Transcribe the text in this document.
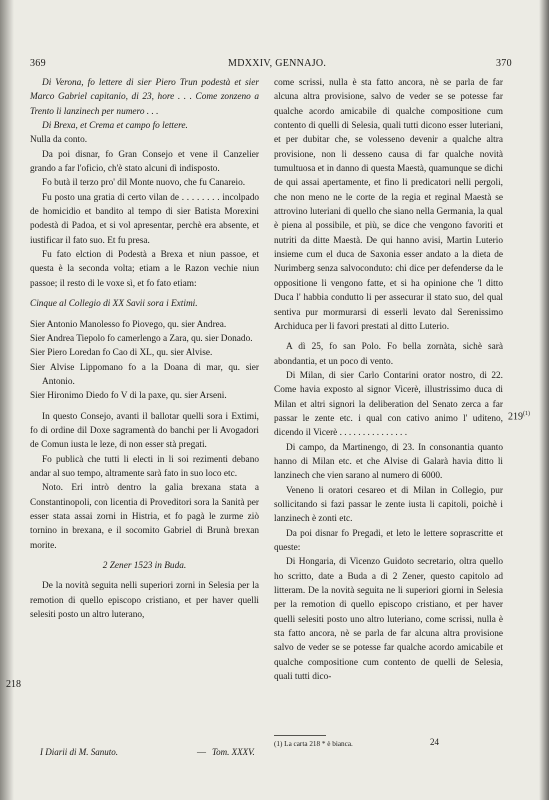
369	MDXXIV, GENNAJO.	370

Di Verona, fo lettere di sier Piero Trun podestà et sier Marco Gabriel capitanio, di 23, hore . . . Come zonzeno a Trento li lanzinech per numero . . .

Di Brexa, et Crema et campo fo lettere.

Nulla da conto.

Da poi disnar, fo Gran Consejo et vene il Canzelier grando a far l'oficio, ch'è stato alcuni dì indisposto.

Fo butà il terzo pro' dil Monte nuovo, che fu Canareio.

Fu posto una gratia di certo vilan de . . . . . . . . incolpado de homicidio et bandito al tempo di sier Batista Morexini podestà di Padoa, et si vol apresentar, perchè era absente, et iustificar il fato suo. Et fu presa.

Fu fato elction di Podestà a Brexa et niun passoe, et questa è la seconda volta; etiam a le Razon vechie niun passoe; il resto di le voxe sì, et fo fato etiam:

Cinque al Collegio di XX Savii sora i Extimi.

Sier Antonio Manolesso fo Piovego, qu. sier Andrea.

Sier Andrea Tiepolo fo camerlengo a Zara, qu. sier Donado.

Sier Piero Loredan fo Cao di XL, qu. sier Alvise.

Sier Alvise Lippomano fo a la Doana di mar, qu. sier Antonio.

Sier Hironimo Diedo fo V di la paxe, qu. sier Arseni.

In questo Consejo, avanti il ballotar quelli sora i Extimi, fo di ordine dil Doxe sagramentà do banchi per li Avogadori de Comun iusta le leze, di non esser stà pregati.

Fo publicà che tutti li electi in li soi rezimenti debano andar al suo tempo, altramente sarà fato in suo loco etc.

Noto. Eri intrò dentro la galia brexana stata a Constantinopoli, con licentia di Proveditori sora la Sanità per esser stata assai zorni in Histria, et fo pagà le zurme ziò tornino in brexana, e il socomito Gabriel di Brunà brexan morite.

2 Zener 1523 in Buda.

De la novità seguita nelli superiori zorni in Selesia per la remotion di quello episcopo cristiano, et per haver quelli selesiti posto un altro luterano,

come scrissi, nulla è sta fatto ancora, nè se parla de far alcuna altra provisione, salvo de veder se se potesse far qualche acordo amicabile di qualche compositione cum contento di quelli di Selesia, quali tutti dicono esser luteriani, et per dubitar che, se volesseno devenir a qualche altra provisione, non li desseno causa di far qualche novità tumultuosa et in danno di questa Maestà, quamunque se dichi de qui assai apertamente, et fino li predicatori nelli pergoli, che non meno ne le corte de la regia et reginal Maestà se attrovino luteriani di quello che siano nella Germania, la qual è piena al possibile, et più, se dice che vengono favoriti et nutriti da ditte Maestà. De qui hanno avisi, Martin Luterio insieme cum el duca de Saxonia esser andato a la dieta de Nurimberg senza salvoconduto: chi dice per defenderse da le oppositione li vengono fatte, et si ha opinione che 'l ditto Duca l' habbia condutto li per assecurar il stato suo, del qual sentiva pur mormurarsi di esserli levato dal Serenissimo Archiduca per li favori prestati al ditto Luterio.

A dì 25, fo san Polo. Fo bella zornàta, sichè sarà abondantia, et un poco di vento.

Di Milan, di sier Carlo Contarini orator nostro, di 22. Come havia exposto al signor Vicerè, illustrissimo duca di Milan et altri signori la deliberation del Senato zerca a far passar le zente etc. i qual con cativo animo l' uditeno, dicendo il Vicerè . . . . . . . . . . . . . . .

Di campo, da Martinengo, di 23. In consonantia quanto hanno di Milan etc. et che Alvise di Galarà havia ditto li lanzinech che vien sarano al numero di 6000.

Veneno li oratori cesareo et di Milan in Collegio, pur sollicitando si fazi passar le zente iusta li capitoli, poichè i lanzinech è zonti etc.

Da poi disnar fo Pregadi, et leto le lettere soprascritte et queste:

Di Hongaria, di Vicenzo Guidoto secretario, oltra quello ho scritto, date a Buda a dì 2 Zener, questo capitolo ad litteram. De la novità seguita ne li superiori giorni in Selesia per la remotion di quello episcopo cristiano, et per haver quelli selesiti posto uno altro luteriano, come scrissi, nulla è sta fatto ancora, nè se parla de far alcuna altra provisione salvo de veder se se potesse far qualche acordo amicabile et qualche compositione cum contento de quelli de Selesia, quali tutti dico-

218
219$^{(1)}$
I Diarii di M. Sanuto.	— Tom. XXXV.
(1) La carta 218 * è bianca.	24
